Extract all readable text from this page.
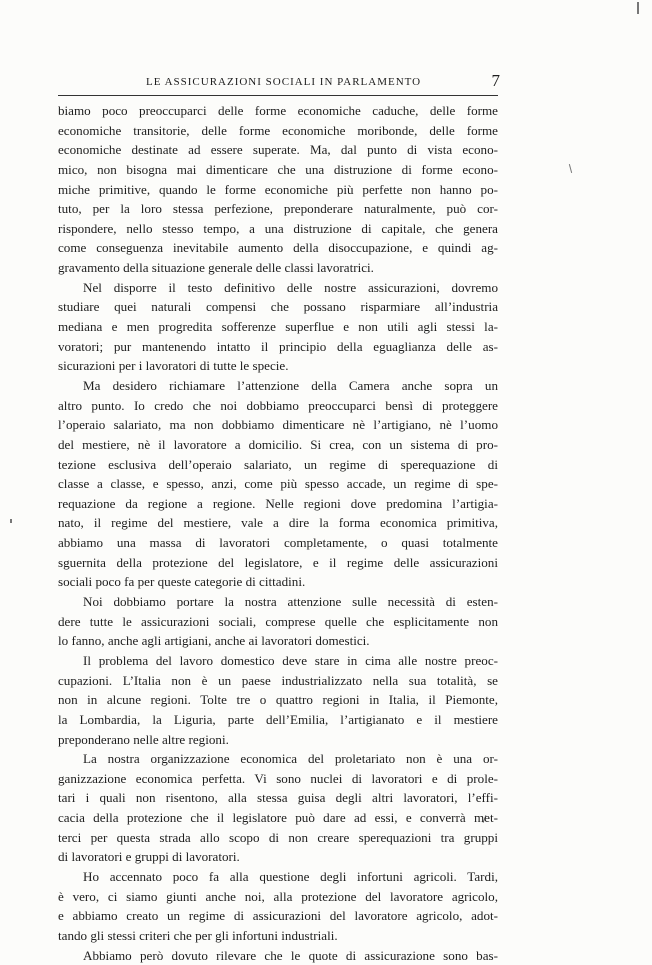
LE ASSICURAZIONI SOCIALI IN PARLAMENTO	7
biamo poco preoccuparci delle forme economiche caduche, delle forme
economiche transitorie, delle forme economiche moribonde, delle forme
economiche destinate ad essere superate. Ma, dal punto di vista econo-
mico, non bisogna mai dimenticare che una distruzione di forme econo-
miche primitive, quando le forme economiche più perfette non hanno po-
tuto, per la loro stessa perfezione, preponderare naturalmente, può cor-
rispondere, nello stesso tempo, a una distruzione di capitale, che genera
come conseguenza inevitabile aumento della disoccupazione, e quindi ag-
gravamento della situazione generale delle classi lavoratrici.
Nel disporre il testo definitivo delle nostre assicurazioni, dovremo
studiare quei naturali compensi che possano risparmiare all’industria
mediana e men progredita sofferenze superflue e non utili agli stessi la-
voratori; pur mantenendo intatto il principio della eguaglianza delle as-
sicurazioni per i lavoratori di tutte le specie.
Ma desidero richiamare l’attenzione della Camera anche sopra un
altro punto. Io credo che noi dobbiamo preoccuparci bensì di proteggere
l’operaio salariato, ma non dobbiamo dimenticare nè l’artigiano, nè l’uomo
del mestiere, nè il lavoratore a domicilio. Si crea, con un sistema di pro-
tezione esclusiva dell’operaio salariato, un regime di sperequazione di
classe a classe, e spesso, anzi, come più spesso accade, un regime di spe-
requazione da regione a regione. Nelle regioni dove predomina l’artigia-
nato, il regime del mestiere, vale a dire la forma economica primitiva,
abbiamo una massa di lavoratori completamente, o quasi totalmente
sguernita della protezione del legislatore, e il regime delle assicurazioni
sociali poco fa per queste categorie di cittadini.
Noi dobbiamo portare la nostra attenzione sulle necessità di esten-
dere tutte le assicurazioni sociali, comprese quelle che esplicitamente non
lo fanno, anche agli artigiani, anche ai lavoratori domestici.
Il problema del lavoro domestico deve stare in cima alle nostre preoc-
cupazioni. L’Italia non è un paese industrializzato nella sua totalità, se
non in alcune regioni. Tolte tre o quattro regioni in Italia, il Piemonte,
la Lombardia, la Liguria, parte dell’Emilia, l’artigianato e il mestiere
preponderano nelle altre regioni.
La nostra organizzazione economica del proletariato non è una or-
ganizzazione economica perfetta. Vi sono nuclei di lavoratori e di prole-
tari i quali non risentono, alla stessa guisa degli altri lavoratori, l’effi-
cacia della protezione che il legislatore può dare ad essi, e converrà met-
terci per questa strada allo scopo di non creare sperequazioni tra gruppi
di lavoratori e gruppi di lavoratori.
Ho accennato poco fa alla questione degli infortuni agricoli. Tardi,
è vero, ci siamo giunti anche noi, alla protezione del lavoratore agricolo,
e abbiamo creato un regime di assicurazioni del lavoratore agricolo, adot-
tando gli stessi criteri che per gli infortuni industriali.
Abbiamo però dovuto rilevare che le quote di assicurazione sono bas-
